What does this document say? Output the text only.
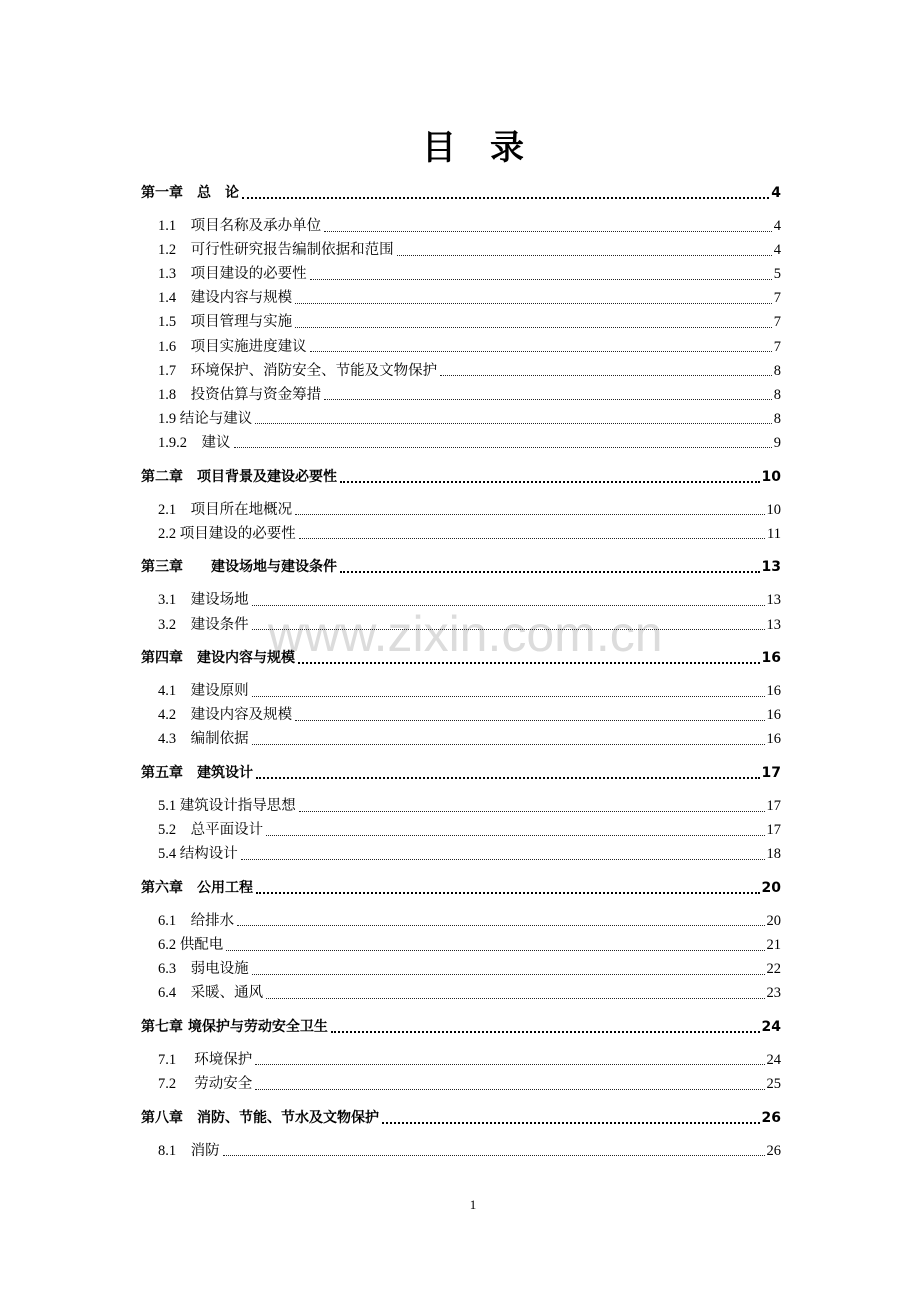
www.zixin.com.cn
目　录
第一章　总　论	4
1.1　项目名称及承办单位	4
1.2　可行性研究报告编制依据和范围	4
1.3　项目建设的必要性	5
1.4　建设内容与规模	7
1.5　项目管理与实施	7
1.6　项目实施进度建议	7
1.7　环境保护、消防安全、节能及文物保护	8
1.8　投资估算与资金筹措	8
1.9 结论与建议	8
1.9.2　建议	9
第二章　项目背景及建设必要性	10
2.1　项目所在地概况	10
2.2 项目建设的必要性	11
第三章　　建设场地与建设条件	13
3.1　建设场地	13
3.2　建设条件	13
第四章　建设内容与规模	16
4.1　建设原则	16
4.2　建设内容及规模	16
4.3　编制依据	16
第五章　建筑设计	17
5.1 建筑设计指导思想	17
5.2　总平面设计	17
5.4 结构设计	18
第六章　公用工程	20
6.1　给排水	20
6.2 供配电	21
6.3　弱电设施	22
6.4　采暖、通风	23
第七章 境保护与劳动安全卫生	24
7.1　 环境保护	24
7.2　 劳动安全	25
第八章　消防、节能、节水及文物保护	26
8.1　消防	26
1
